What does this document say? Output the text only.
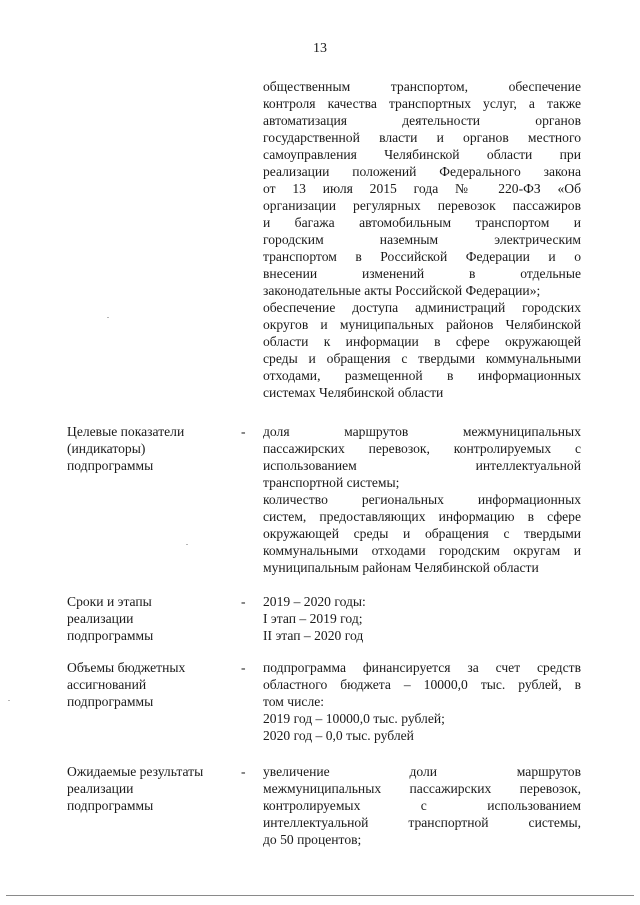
13
общественным транспортом, обеспечение
контроля качества транспортных услуг, а также
автоматизация деятельности органов
государственной власти и органов местного
самоуправления Челябинской области при
реализации положений Федерального закона
от 13 июля 2015 года № 220-ФЗ «Об
организации регулярных перевозок пассажиров
и багажа автомобильным транспортом и
городским наземным электрическим
транспортом в Российской Федерации и о
внесении изменений в отдельные
законодательные акты Российской Федерации»;
обеспечение доступа администраций городских
округов и муниципальных районов Челябинской
области к информации в сфере окружающей
среды и обращения с твердыми коммунальными
отходами, размещенной в информационных
системах Челябинской области
Целевые показатели
(индикаторы)
подпрограммы
- доля маршрутов межмуниципальных
пассажирских перевозок, контролируемых с
использованием интеллектуальной
транспортной системы;
количество региональных информационных
систем, предоставляющих информацию в сфере
окружающей среды и обращения с твердыми
коммунальными отходами городским округам и
муниципальным районам Челябинской области
Сроки и этапы
реализации
подпрограммы
- 2019 – 2020 годы:
I этап – 2019 год;
II этап – 2020 год
Объемы бюджетных
ассигнований
подпрограммы
- подпрограмма финансируется за счет средств
областного бюджета – 10000,0 тыс. рублей, в
том числе:
2019 год – 10000,0 тыс. рублей;
2020 год – 0,0 тыс. рублей
Ожидаемые результаты
реализации
подпрограммы
- увеличение доли маршрутов
межмуниципальных пассажирских перевозок,
контролируемых с использованием
интеллектуальной транспортной системы,
до 50 процентов;
